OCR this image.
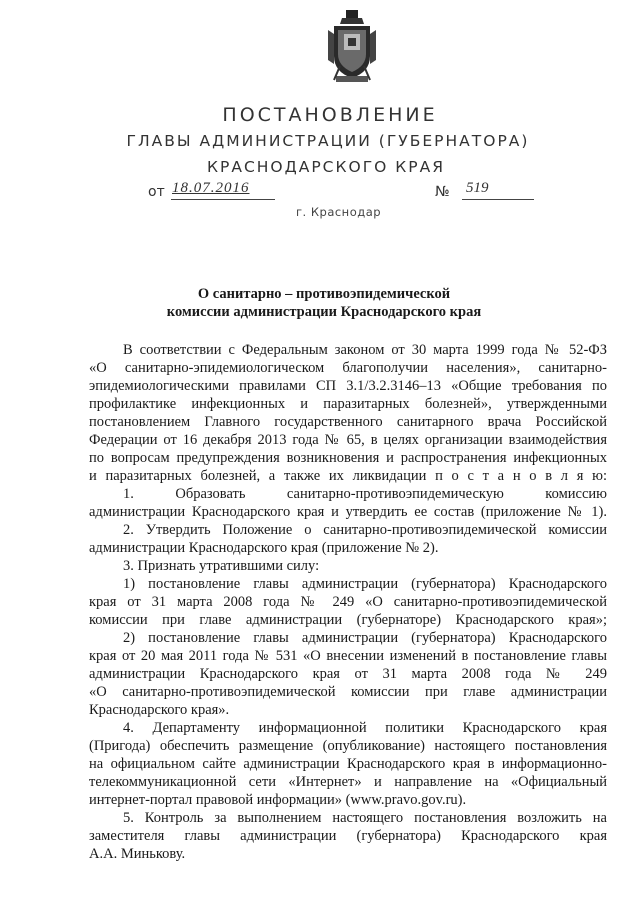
ПОСТАНОВЛЕНИЕ
ГЛАВЫ АДМИНИСТРАЦИИ (ГУБЕРНАТОРА)
КРАСНОДАРСКОГО КРАЯ
от 18.07.2016	№ 519
г. Краснодар
О санитарно – противоэпидемической
комиссии администрации Краснодарского края
В соответствии с Федеральным законом от 30 марта 1999 года № 52-ФЗ
«О санитарно-эпидемиологическом благополучии населения», санитарно-
эпидемиологическими правилами СП 3.1/3.2.3146–13 «Общие требования по
профилактике инфекционных и паразитарных болезней», утвержденными
постановлением Главного государственного санитарного врача Российской
Федерации от 16 декабря 2013 года № 65, в целях организации взаимодействия
по вопросам предупреждения возникновения и распространения инфекционных
и паразитарных болезней, а также их ликвидации п о с т а н о в л я ю:
1. Образовать санитарно-противоэпидемическую комиссию
администрации Краснодарского края и утвердить ее состав (приложение № 1).
2. Утвердить Положение о санитарно-противоэпидемической комиссии
администрации Краснодарского края (приложение № 2).
3. Признать утратившими силу:
1) постановление главы администрации (губернатора) Краснодарского
края от 31 марта 2008 года № 249 «О санитарно-противоэпидемической
комиссии при главе администрации (губернаторе) Краснодарского края»;
2) постановление главы администрации (губернатора) Краснодарского
края от 20 мая 2011 года № 531 «О внесении изменений в постановление главы
администрации Краснодарского края от 31 марта 2008 года № 249
«О санитарно-противоэпидемической комиссии при главе администрации
Краснодарского края».
4. Департаменту информационной политики Краснодарского края
(Пригода) обеспечить размещение (опубликование) настоящего постановления
на официальном сайте администрации Краснодарского края в информационно-
телекоммуникационной сети «Интернет» и направление на «Официальный
интернет-портал правовой информации» (www.pravo.gov.ru).
5. Контроль за выполнением настоящего постановления возложить на
заместителя главы администрации (губернатора) Краснодарского края
А.А. Минькову.
